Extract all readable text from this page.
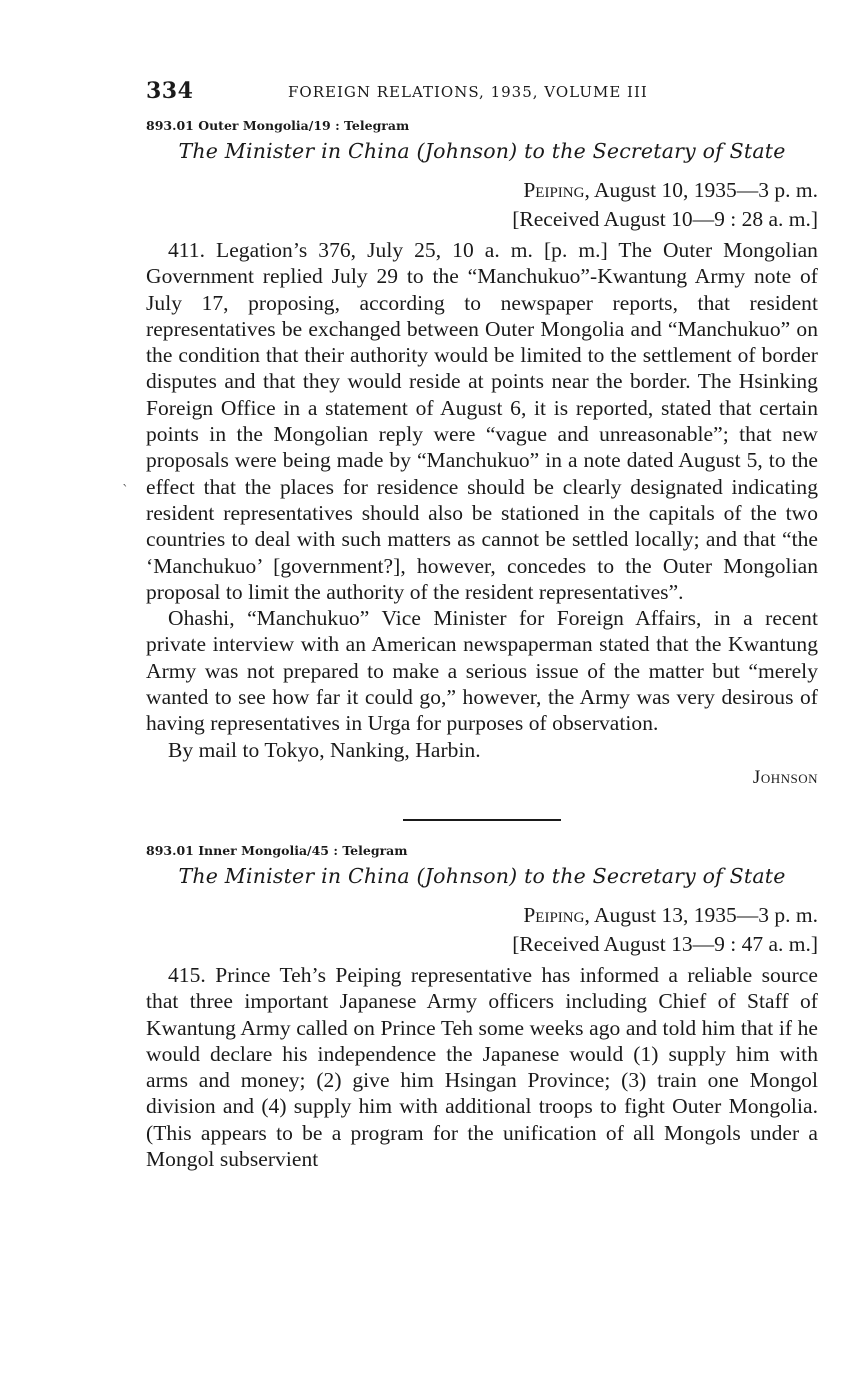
334	FOREIGN RELATIONS, 1935, VOLUME III
893.01 Outer Mongolia/19 : Telegram
The Minister in China (Johnson) to the Secretary of State
Peiping, August 10, 1935—3 p. m.
[Received August 10—9 : 28 a. m.]

411. Legation’s 376, July 25, 10 a. m. [p. m.] The Outer Mongolian Government replied July 29 to the “Manchukuo”-Kwantung Army note of July 17, proposing, according to newspaper reports, that resident representatives be exchanged between Outer Mongolia and “Manchukuo” on the condition that their authority would be limited to the settlement of border disputes and that they would reside at points near the border. The Hsinking Foreign Office in a statement of August 6, it is reported, stated that certain points in the Mongolian reply were “vague and unreasonable”; that new proposals were being made by “Manchukuo” in a note dated August 5, to the effect that the places for residence should be clearly designated indicating resident representatives should also be stationed in the capitals of the two countries to deal with such matters as cannot be settled locally; and that “the ‘Manchukuo’ [government?], however, concedes to the Outer Mongolian proposal to limit the authority of the resident representatives”.

Ohashi, “Manchukuo” Vice Minister for Foreign Affairs, in a recent private interview with an American newspaperman stated that the Kwantung Army was not prepared to make a serious issue of the matter but “merely wanted to see how far it could go,” however, the Army was very desirous of having representatives in Urga for purposes of observation.

By mail to Tokyo, Nanking, Harbin.

Johnson
893.01 Inner Mongolia/45 : Telegram
The Minister in China (Johnson) to the Secretary of State
Peiping, August 13, 1935—3 p. m.
[Received August 13—9 : 47 a. m.]

415. Prince Teh’s Peiping representative has informed a reliable source that three important Japanese Army officers including Chief of Staff of Kwantung Army called on Prince Teh some weeks ago and told him that if he would declare his independence the Japanese would (1) supply him with arms and money; (2) give him Hsingan Province; (3) train one Mongol division and (4) supply him with additional troops to fight Outer Mongolia. (This appears to be a program for the unification of all Mongols under a Mongol subservient

`
